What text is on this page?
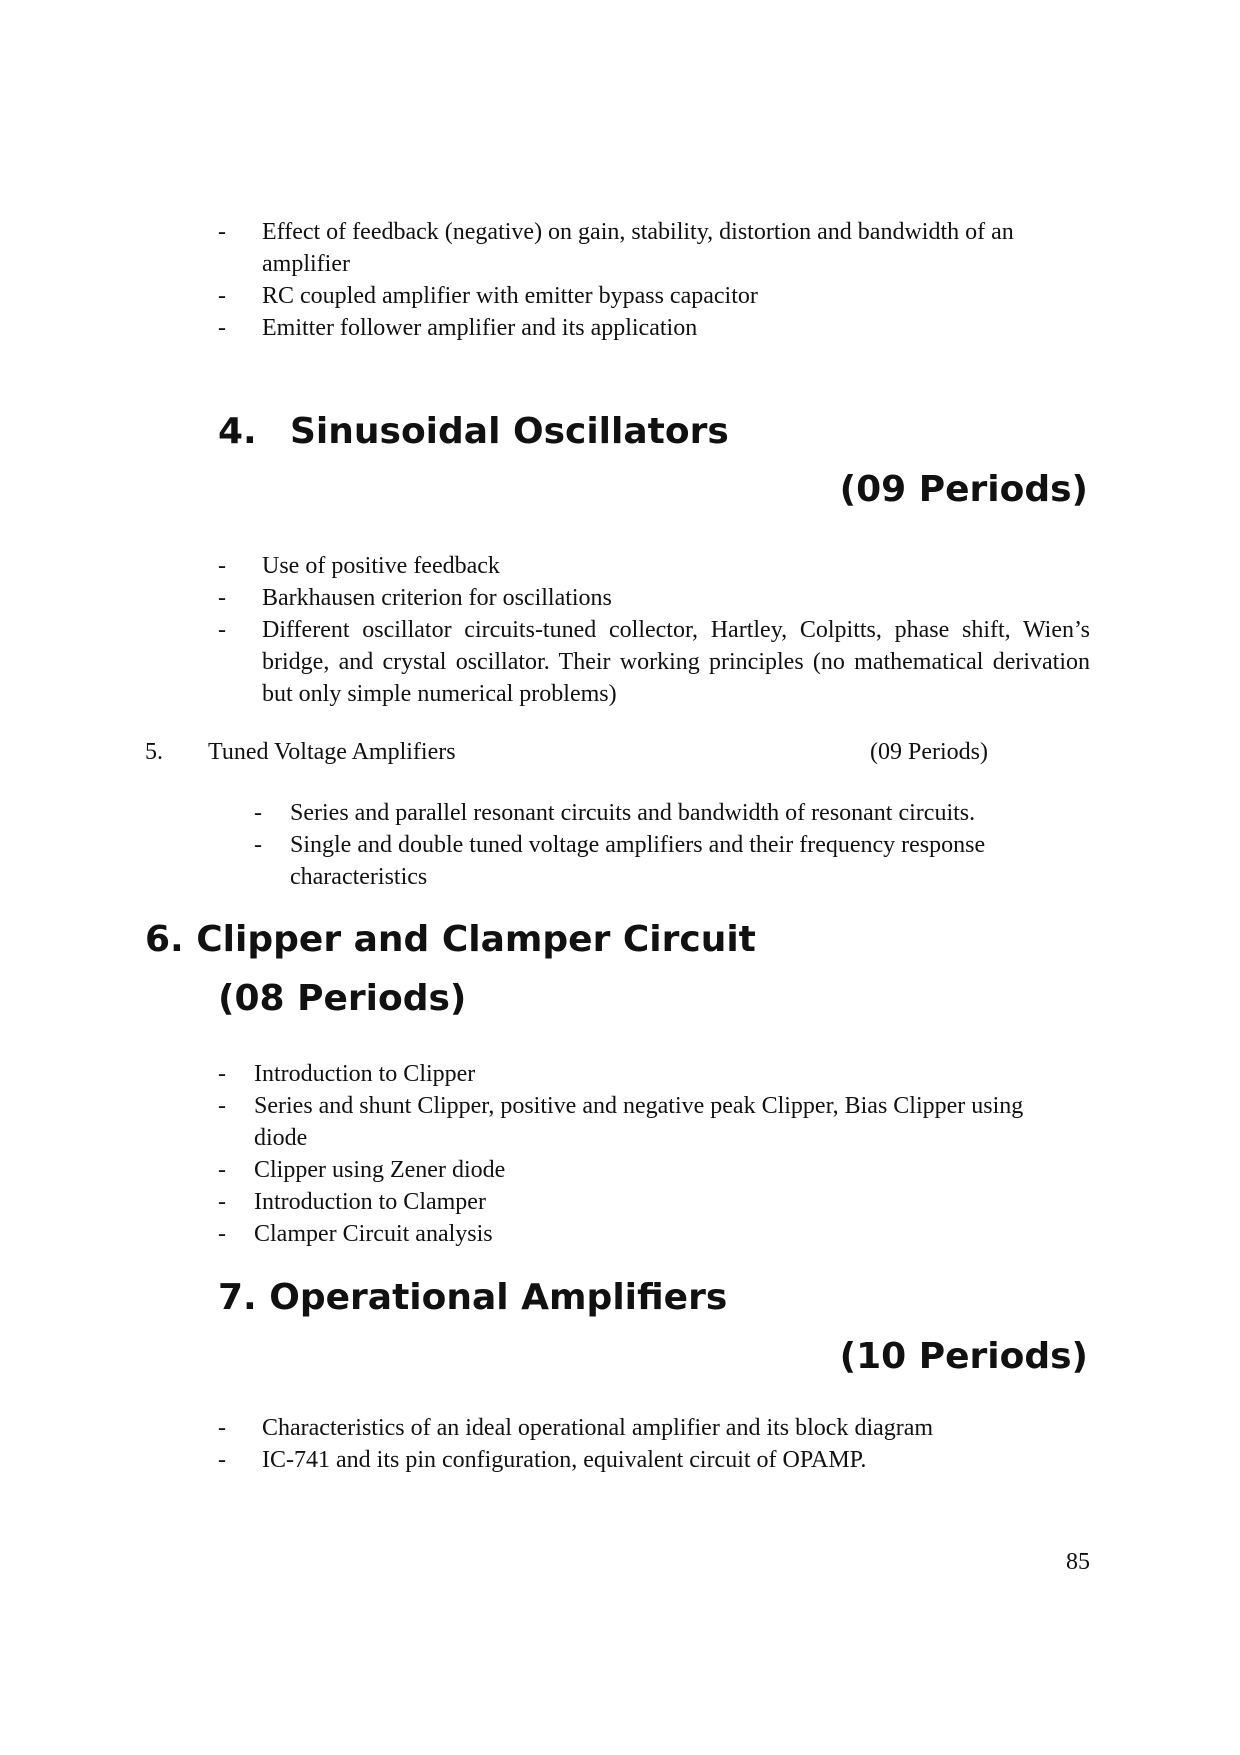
- Effect of feedback (negative) on gain, stability, distortion and bandwidth of an amplifier
- RC coupled amplifier with emitter bypass capacitor
- Emitter follower amplifier and its application
4. Sinusoidal Oscillators
(09 Periods)
- Use of positive feedback
- Barkhausen criterion for oscillations
- Different oscillator circuits-tuned collector, Hartley, Colpitts, phase shift, Wien’s bridge, and crystal oscillator. Their working principles (no mathematical derivation but only simple numerical problems)
5. Tuned Voltage Amplifiers	(09 Periods)
- Series and parallel resonant circuits and bandwidth of resonant circuits.
- Single and double tuned voltage amplifiers and their frequency response characteristics
6. Clipper and Clamper Circuit
(08 Periods)
- Introduction to Clipper
- Series and shunt Clipper, positive and negative peak Clipper, Bias Clipper using diode
- Clipper using Zener diode
- Introduction to Clamper
- Clamper Circuit analysis
7. Operational Amplifiers
(10 Periods)
- Characteristics of an ideal operational amplifier and its block diagram
- IC-741 and its pin configuration, equivalent circuit of OPAMP.
85
